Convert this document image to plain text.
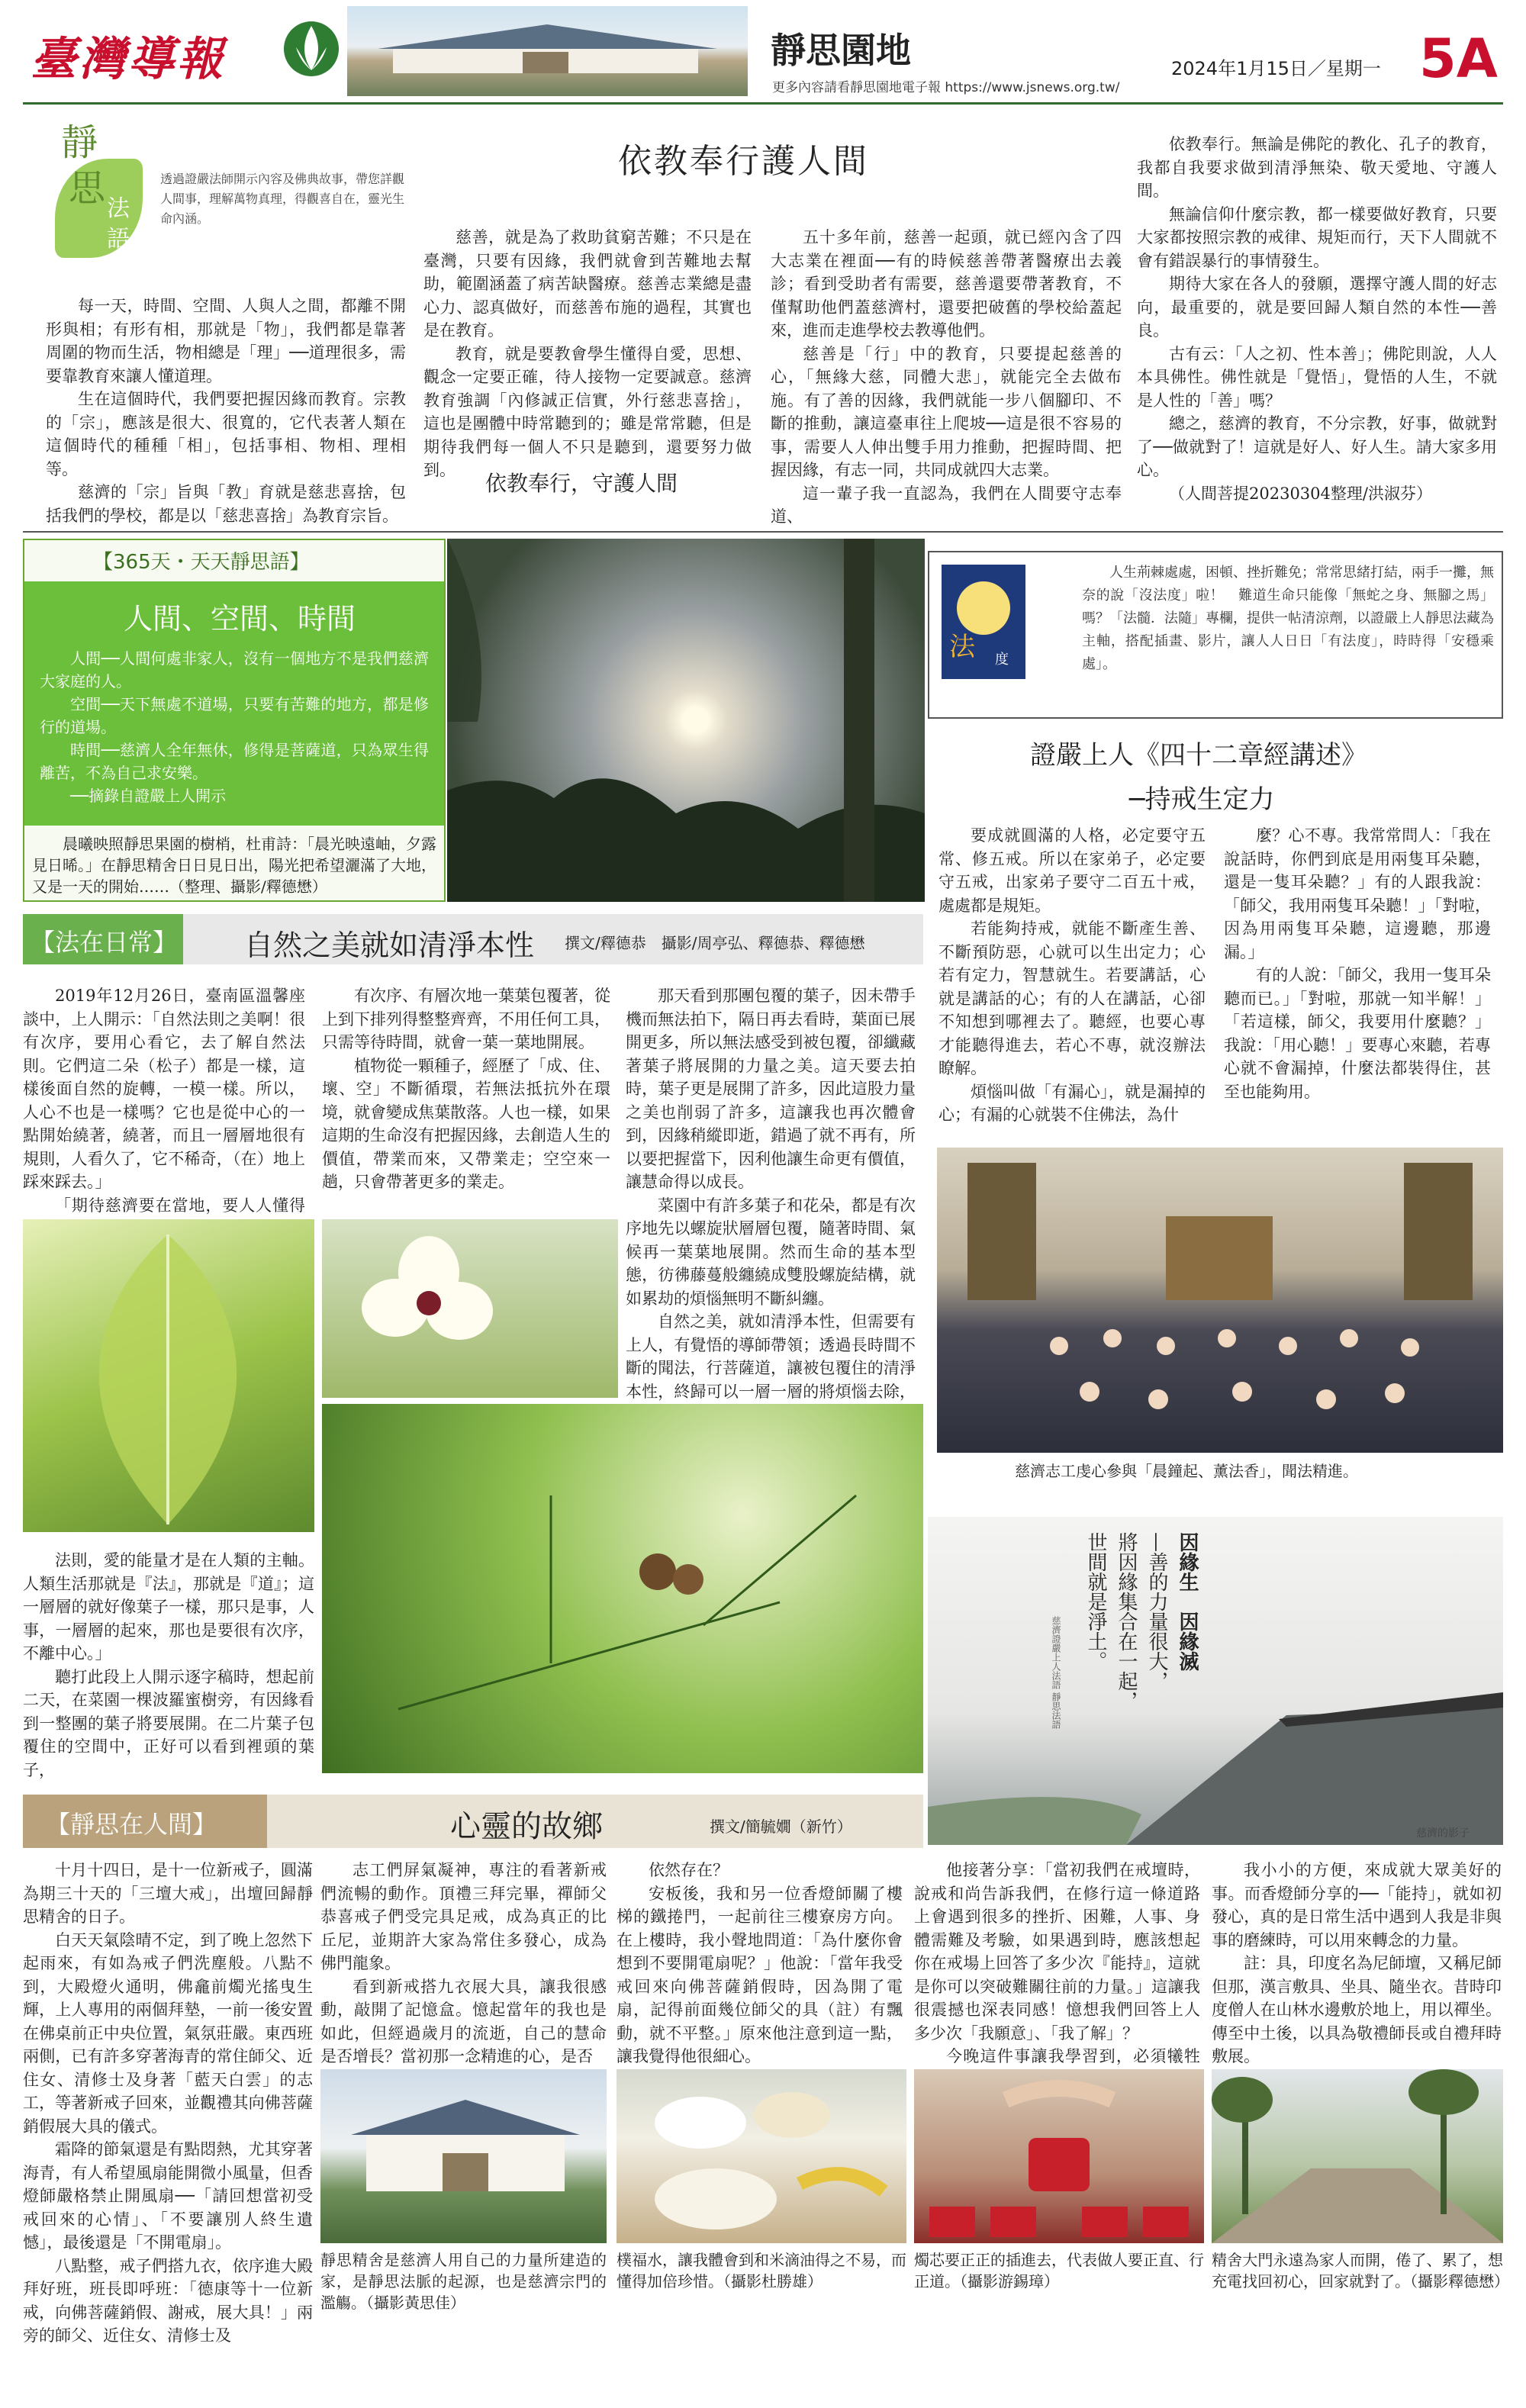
臺灣導報	靜思園地
更多內容請看靜思園地電子報 https://www.jsnews.org.tw/
2024年1月15日／星期一 5A
靜
思 法
語
透過證嚴法師開示內容及佛典故事，帶您詳觀人間事，理解萬物真理，得觀喜自在，靈光生命內涵。
依教奉行護人間

每一天，時間、空間、人與人之間，都離不開形與相；有形有相，那就是「物」，我們都是靠著周圍的物而生活，物相總是「理」──道理很多，需要靠教育來讓人懂道理。

生在這個時代，我們要把握因緣而教育。宗教的「宗」，應該是很大、很寬的，它代表著人類在這個時代的種種「相」，包括事相、物相、理相等。

慈濟的「宗」旨與「教」育就是慈悲喜捨，包括我們的學校，都是以「慈悲喜捨」為教育宗旨。

慈善，就是為了救助貧窮苦難；不只是在臺灣，只要有因緣，我們就會到苦難地去幫助，範圍涵蓋了病苦缺醫療。慈善志業總是盡心力、認真做好，而慈善布施的過程，其實也是在教育。

教育，就是要教會學生懂得自愛，思想、觀念一定要正確，待人接物一定要誠意。慈濟教育強調「內修誠正信實，外行慈悲喜捨」，這也是團體中時常聽到的；雖是常常聽，但是期待我們每一個人不只是聽到，還要努力做到。

依教奉行，守護人間

五十多年前，慈善一起頭，就已經內含了四大志業在裡面──有的時候慈善帶著醫療出去義診；看到受助者有需要，慈善還要帶著教育，不僅幫助他們蓋慈濟村，還要把破舊的學校給蓋起來，進而走進學校去教導他們。

慈善是「行」中的教育，只要提起慈善的心，「無緣大慈，同體大悲」，就能完全去做布施。有了善的因緣，我們就能一步八個腳印、不斷的推動，讓這臺車往上爬坡──這是很不容易的事，需要人人伸出雙手用力推動，把握時間、把握因緣，有志一同，共同成就四大志業。

這一輩子我一直認為，我們在人間要守志奉道、

依教奉行。無論是佛陀的教化、孔子的教育，我都自我要求做到清淨無染、敬天愛地、守護人間。

無論信仰什麼宗教，都一樣要做好教育，只要大家都按照宗教的戒律、規矩而行，天下人間就不會有錯誤暴行的事情發生。

期待大家在各人的發願，選擇守護人間的好志向，最重要的，就是要回歸人類自然的本性──善良。

古有云：「人之初、性本善」；佛陀則說，人人本具佛性。佛性就是「覺悟」，覺悟的人生，不就是人性的「善」嗎？

總之，慈濟的教育，不分宗教，好事，做就對了──做就對了！這就是好人、好人生。請大家多用心。

（人間菩提20230304整理/洪淑芬）

【365天・天天靜思語】
人間、空間、時間

人間──人間何處非家人，沒有一個地方不是我們慈濟大家庭的人。

空間──天下無處不道場，只要有苦難的地方，都是修行的道場。

時間──慈濟人全年無休，修得是菩薩道，只為眾生得離苦，不為自己求安樂。

──摘錄自證嚴上人開示

晨曦映照靜思果園的樹梢，杜甫詩：「晨光映遠岫，夕露見日晞。」在靜思精舍日日見日出，陽光把希望灑滿了大地，又是一天的開始……（整理、攝影/釋德懋）
法 度
人生荊棘處處，困頓、挫折難免；常常思緒打結，兩手一攤，無奈的說「沒法度」啦！　難道生命只能像「無蛇之身、無腳之馬」嗎？「法髓．法隨」專欄，提供一帖清涼劑，以證嚴上人靜思法藏為主軸，搭配插畫、影片，讓人人日日「有法度」，時時得「安穩乘處」。
證嚴上人《四十二章經講述》
─持戒生定力

要成就圓滿的人格，必定要守五常、修五戒。所以在家弟子，必定要守五戒，出家弟子要守二百五十戒，處處都是規矩。

若能夠持戒，就能不斷產生善、不斷預防惡，心就可以生出定力；心若有定力，智慧就生。若要講話，心就是講話的心；有的人在講話，心卻不知想到哪裡去了。聽經，也要心專才能聽得進去，若心不專，就沒辦法瞭解。

煩惱叫做「有漏心」，就是漏掉的心；有漏的心就裝不住佛法，為什

麼？心不專。我常常問人：「我在說話時，你們到底是用兩隻耳朵聽，還是一隻耳朵聽？」有的人跟我說：「師父，我用兩隻耳朵聽！」「對啦，因為用兩隻耳朵聽，這邊聽，那邊漏。」

有的人說：「師父，我用一隻耳朵聽而已。」「對啦，那就一知半解！」「若這樣，師父，我要用什麼聽？」我說：「用心聽！」要專心來聽，若專心就不會漏掉，什麼法都裝得住，甚至也能夠用。

慈濟志工虔心參與「晨鐘起、薰法香」，聞法精進。
因緣生　因緣滅
—善的力量很大，
將因緣集合在一起，
世間就是淨土。
慈濟證嚴上人法語 靜思法語
慈濟的影子
【法在日常】 自然之美就如清淨本性 撰文/釋德恭　攝影/周亭弘、釋德恭、釋德懋

2019年12月26日，臺南區溫馨座談中，上人開示：「自然法則之美啊！很有次序，要用心看它，去了解自然法則。它們這二朵（松子）都是一樣，這樣後面自然的旋轉，一模一樣。所以，人心不也是一樣嗎？它也是從中心的一點開始繞著，繞著，而且一層層地很有規則，人看久了，它不稀奇，（在）地上踩來踩去。」

「期待慈濟要在當地，要人人懂得

有次序、有層次地一葉葉包覆著，從上到下排列得整整齊齊，不用任何工具，只需等待時間，就會一葉一葉地開展。

植物從一顆種子，經歷了「成、住、壞、空」不斷循環，若無法抵抗外在環境，就會變成焦葉散落。人也一樣，如果這期的生命沒有把握因緣，去創造人生的價值，帶業而來，又帶業走；空空來一趟，只會帶著更多的業走。

那天看到那團包覆的葉子，因未帶手機而無法拍下，隔日再去看時，葉面已展開更多，所以無法感受到被包覆，卻纖藏著葉子將展開的力量之美。這天要去拍時，葉子更是展開了許多，因此這股力量之美也削弱了許多，這讓我也再次體會到，因緣稍縱即逝，錯過了就不再有，所以要把握當下，因利他讓生命更有價值，讓慧命得以成長。

菜園中有許多葉子和花朵，都是有次序地先以螺旋狀層層包覆，隨著時間、氣候再一葉葉地展開。然而生命的基本型態，彷彿藤蔓般纏繞成雙股螺旋結構，就如累劫的煩惱無明不斷糾纏。

自然之美，就如清淨本性，但需要有上人，有覺悟的導師帶領；透過長時間不斷的聞法，行菩薩道，讓被包覆住的清淨本性，終歸可以一層一層的將煩惱去除，

法則，愛的能量才是在人類的主軸。人類生活那就是『法』，那就是『道』；這一層層的就好像葉子一樣，那只是事，人事，一層層的起來，那也是要很有次序，不離中心。」

聽打此段上人開示逐字稿時，想起前二天，在菜園一棵波羅蜜樹旁，有因緣看到一整團的葉子將要展開。在二片葉子包覆住的空間中，正好可以看到裡頭的葉子，

【靜思在人間】	心靈的故鄉	撰文/簡毓嫺（新竹）

十月十四日，是十一位新戒子，圓滿為期三十天的「三壇大戒」，出壇回歸靜思精舍的日子。

白天天氣陰晴不定，到了晚上忽然下起雨來，有如為戒子們洗塵般。八點不到，大殿燈火通明，佛龕前燭光搖曳生輝，上人專用的兩個拜墊，一前一後安置在佛桌前正中央位置，氣氛莊嚴。東西班兩側，已有許多穿著海青的常住師父、近住女、清修士及身著「藍天白雲」的志工，等著新戒子回來，並觀禮其向佛菩薩銷假展大具的儀式。

霜降的節氣還是有點悶熱，尤其穿著海青，有人希望風扇能開微小風量，但香燈師嚴格禁止開風扇──「請回想當初受戒回來的心情」、「不要讓別人終生遺憾」，最後還是「不開電扇」。

八點整，戒子們搭九衣，依序進大殿拜好班，班長即呼班：「德康等十一位新戒，向佛菩薩銷假、謝戒，展大具！」兩旁的師父、近住女、清修士及

志工們屏氣凝神，專注的看著新戒們流暢的動作。頂禮三拜完畢，禪師父恭喜戒子們受完具足戒，成為真正的比丘尼，並期許大家為常住多發心，成為佛門龍象。

看到新戒搭九衣展大具，讓我很感動，敲開了記憶盒。憶起當年的我也是如此，但經過歲月的流逝，自己的慧命是否增長？當初那一念精進的心，是否

依然存在？

安板後，我和另一位香燈師關了樓梯的鐵捲門，一起前往三樓寮房方向。在上樓時，我小聲地問道：「為什麼你會想到不要開電扇呢？」他說：「當年我受戒回來向佛菩薩銷假時，因為開了電扇，記得前面幾位師父的具（註）有飄動，就不平整。」原來他注意到這一點，讓我覺得他很細心。

他接著分享：「當初我們在戒壇時，說戒和尚告訴我們，在修行這一條道路上會遇到很多的挫折、困難，人事、身體需難及考驗，如果遇到時，應該想起你在戒場上回答了多少次『能持』，這就是你可以突破難關往前的力量。」這讓我很震撼也深表同感！憶想我們回答上人多少次「我願意」、「我了解」？

今晚這件事讓我學習到，必須犧牲

我小小的方便，來成就大眾美好的事。而香燈師分享的──「能持」，就如初發心，真的是日常生活中遇到人我是非與事的磨練時，可以用來轉念的力量。

註：具，印度名為尼師壇，又稱尼師但那，漢言敷具、坐具、隨坐衣。昔時印度僧人在山林水邊敷於地上，用以禪坐。傳至中土後，以具為敬禮師長或自禮拜時敷展。

靜思精舍是慈濟人用自己的力量所建造的家，是靜思法脈的起源，也是慈濟宗門的濫觴。（攝影黃思佳）
樸福水，讓我體會到和米滴油得之不易，而懂得加倍珍惜。（攝影杜勝雄）
燭芯要正正的插進去，代表做人要正直、行正道。（攝影游錫璋）
精舍大門永遠為家人而開，倦了、累了，想充電找回初心，回家就對了。（攝影釋德懋）
